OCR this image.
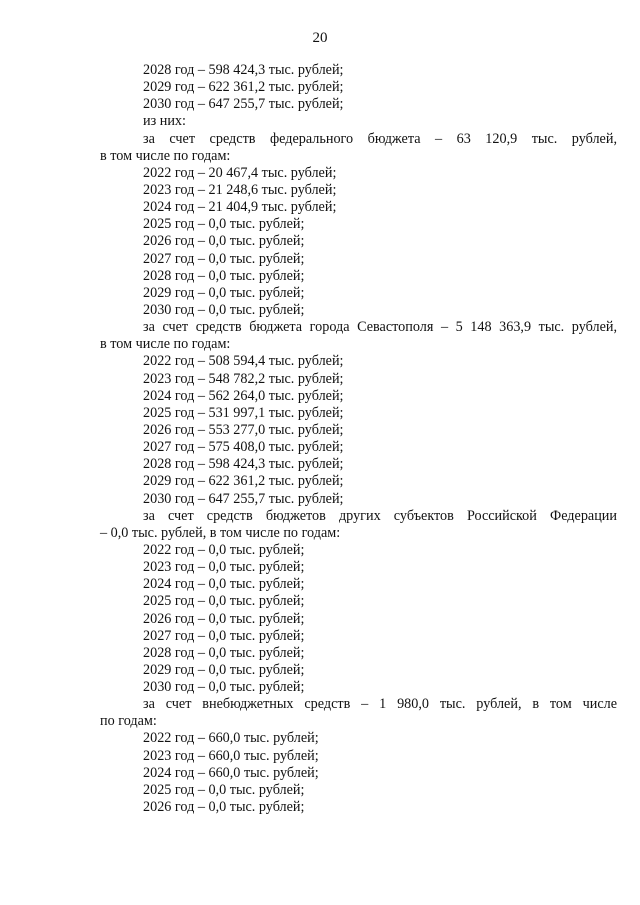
20
2028 год – 598 424,3 тыс. рублей;
2029 год – 622 361,2 тыс. рублей;
2030 год – 647 255,7 тыс. рублей;
из них:
за счет средств федерального бюджета – 63 120,9 тыс. рублей,
в том числе по годам:
2022 год – 20 467,4 тыс. рублей;
2023 год – 21 248,6 тыс. рублей;
2024 год – 21 404,9 тыс. рублей;
2025 год – 0,0 тыс. рублей;
2026 год – 0,0 тыс. рублей;
2027 год – 0,0 тыс. рублей;
2028 год – 0,0 тыс. рублей;
2029 год – 0,0 тыс. рублей;
2030 год – 0,0 тыс. рублей;
за счет средств бюджета города Севастополя – 5 148 363,9 тыс. рублей,
в том числе по годам:
2022 год – 508 594,4 тыс. рублей;
2023 год – 548 782,2 тыс. рублей;
2024 год – 562 264,0 тыс. рублей;
2025 год – 531 997,1 тыс. рублей;
2026 год – 553 277,0 тыс. рублей;
2027 год – 575 408,0 тыс. рублей;
2028 год – 598 424,3 тыс. рублей;
2029 год – 622 361,2 тыс. рублей;
2030 год – 647 255,7 тыс. рублей;
за счет средств бюджетов других субъектов Российской Федерации
– 0,0 тыс. рублей, в том числе по годам:
2022 год – 0,0 тыс. рублей;
2023 год – 0,0 тыс. рублей;
2024 год – 0,0 тыс. рублей;
2025 год – 0,0 тыс. рублей;
2026 год – 0,0 тыс. рублей;
2027 год – 0,0 тыс. рублей;
2028 год – 0,0 тыс. рублей;
2029 год – 0,0 тыс. рублей;
2030 год – 0,0 тыс. рублей;
за счет внебюджетных средств – 1 980,0 тыс. рублей, в том числе
по годам:
2022 год – 660,0 тыс. рублей;
2023 год – 660,0 тыс. рублей;
2024 год – 660,0 тыс. рублей;
2025 год – 0,0 тыс. рублей;
2026 год – 0,0 тыс. рублей;
